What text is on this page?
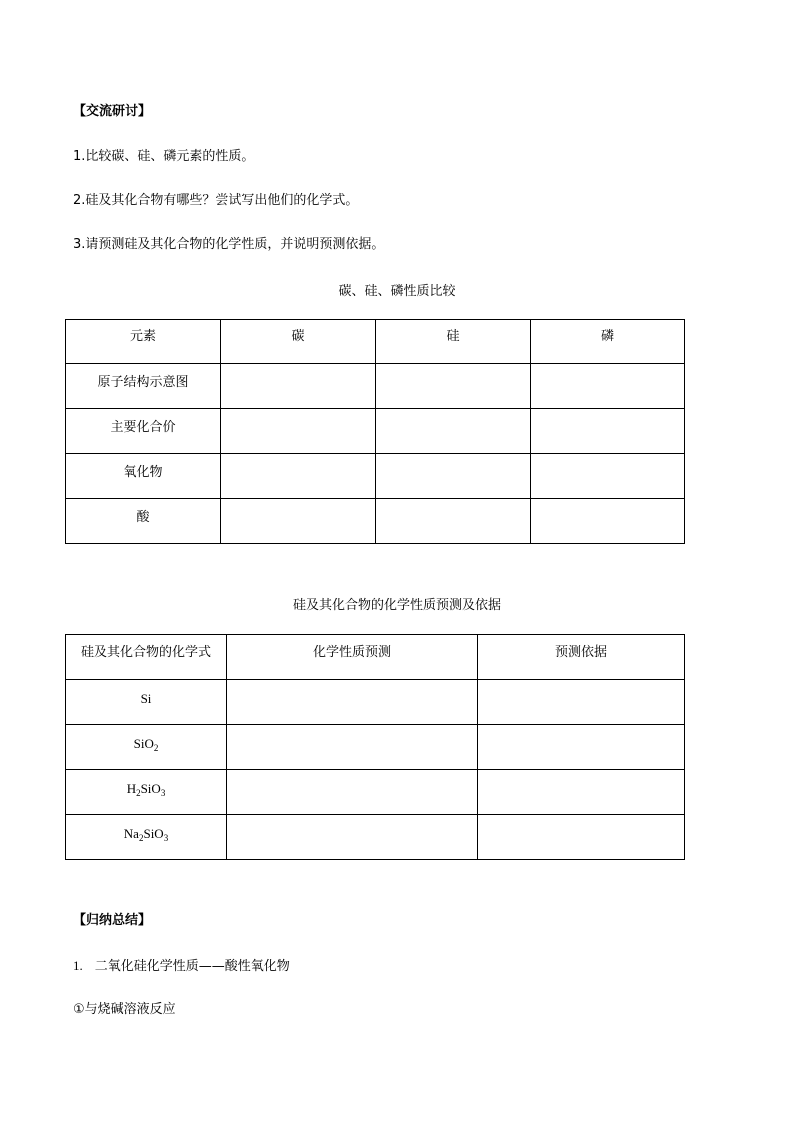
【交流研讨】
1.比较碳、硅、磷元素的性质。
2.硅及其化合物有哪些？尝试写出他们的化学式。
3.请预测硅及其化合物的化学性质，并说明预测依据。
碳、硅、磷性质比较
元素	碳	硅	磷
原子结构示意图			
主要化合价			
氧化物			
酸			
硅及其化合物的化学性质预测及依据
硅及其化合物的化学式	化学性质预测	预测依据
Si		
SiO$_2$		
$H_2SiO_3$		
$Na_2SiO_3$		
【归纳总结】
1. 二氧化硅化学性质——酸性氧化物
①与烧碱溶液反应
